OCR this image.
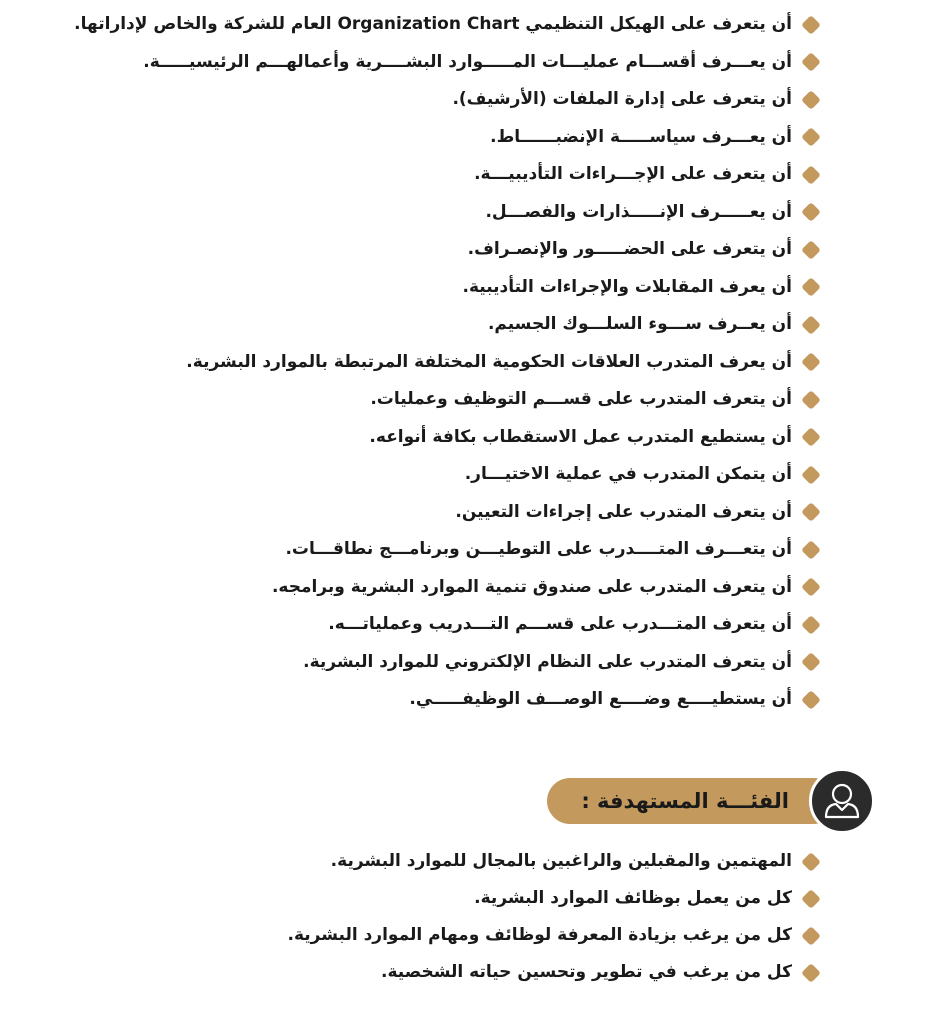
أن يتعرف على الهيكل التنظيمي Organization Chart العام للشركة والخاص لإداراتها.
أن يعـــرف أقســـام عمليـــات المـــــوارد البشــــرية وأعمالهـــم الرئيسيـــــة.
أن يتعرف على إدارة الملفات (الأرشيف).
أن يعـــرف سياســـــة الإنضبــــــاط.
أن يتعرف على الإجـــراءات التأديبيـــة.
أن يعـــــرف الإنـــــذارات والفصـــل.
أن يتعرف على الحضـــــور والإنصـراف.
أن يعرف المقابلات والإجراءات التأديبية.
أن يعــرف ســـوء السلـــوك الجسيم.
أن يعرف المتدرب العلاقات الحكومية المختلفة المرتبطة بالموارد البشرية.
أن يتعرف المتدرب على قســـم التوظيف وعمليات.
أن يستطيع المتدرب عمل الاستقطاب بكافة أنواعه.
أن يتمكن المتدرب في عملية الاختيـــار.
أن يتعرف المتدرب على إجراءات التعيين.
أن يتعـــرف المتــــدرب على التوطيـــن وبرنامـــج نطاقـــات.
أن يتعرف المتدرب على صندوق تنمية الموارد البشرية وبرامجه.
أن يتعرف المتـــدرب على قســـم التـــدريب وعملياتـــه.
أن يتعرف المتدرب على النظام الإلكتروني للموارد البشرية.
أن يستطيــــع وضــــع الوصـــف الوظيفـــــي.
الفئـــة المستهدفة :
المهتمين والمقبلين والراغبين بالمجال للموارد البشرية.
كل من يعمل بوظائف الموارد البشرية.
كل من يرغب بزيادة المعرفة لوظائف ومهام الموارد البشرية.
كل من يرغب في تطوير وتحسين حياته الشخصية.
